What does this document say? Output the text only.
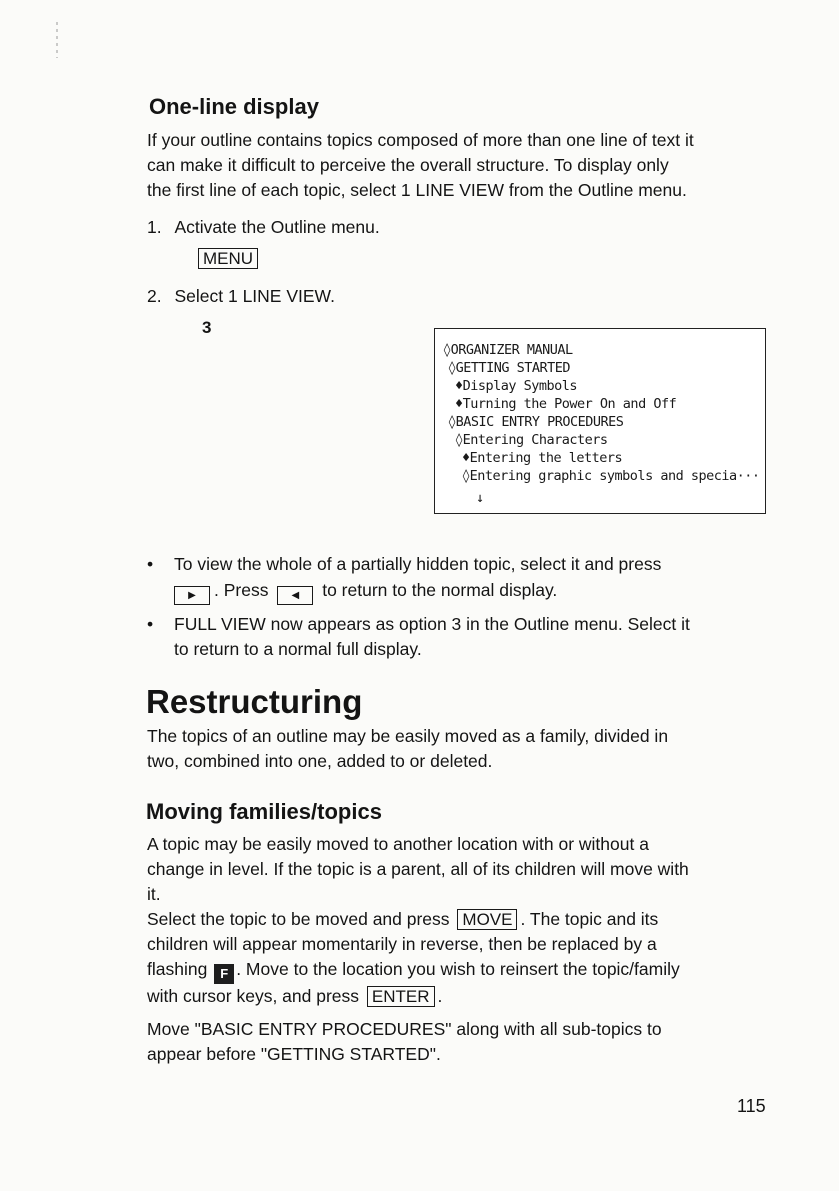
One-line display
If your outline contains topics composed of more than one line of text it
can make it difficult to perceive the overall structure. To display only
the first line of each topic, select 1 LINE VIEW from the Outline menu.
1. Activate the Outline menu.
MENU
2. Select 1 LINE VIEW.
3
◊ORGANIZER MANUAL
◊GETTING STARTED
♦Display Symbols
♦Turning the Power On and Off
◊BASIC ENTRY PROCEDURES
◊Entering Characters
♦Entering the letters
◊Entering graphic symbols and specia···
↓
• To view the whole of a partially hidden topic, select it and press
▶ . Press ◀ to return to the normal display.
• FULL VIEW now appears as option 3 in the Outline menu. Select it
to return to a normal full display.
Restructuring
The topics of an outline may be easily moved as a family, divided in
two, combined into one, added to or deleted.
Moving families/topics
A topic may be easily moved to another location with or without a
change in level. If the topic is a parent, all of its children will move with
it.
Select the topic to be moved and press MOVE . The topic and its
children will appear momentarily in reverse, then be replaced by a
flashing F . Move to the location you wish to reinsert the topic/family
with cursor keys, and press ENTER .
Move "BASIC ENTRY PROCEDURES" along with all sub-topics to
appear before "GETTING STARTED".
115
